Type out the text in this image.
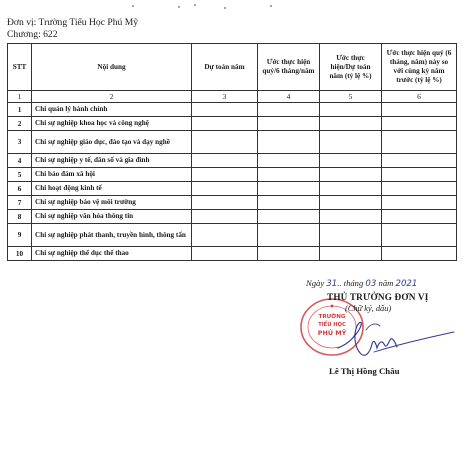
Đơn vị: Trường Tiểu Học Phú Mỹ
Chương: 622
STT	Nội dung	Dự toán năm	Ước thực hiện quý/6 tháng/năm	Ước thực hiện/Dự toán năm (tỷ lệ %)	Ước thực hiện quý (6 tháng, năm) này so với cùng kỳ năm trước (tỷ lệ %)
1	2	3	4	5	6
1	Chi quản lý hành chính				
2	Chi sự nghiệp khoa học và công nghệ				
3	Chi sự nghiệp giáo dục, đào tạo và dạy nghề				
4	Chi sự nghiệp y tế, dân số và gia đình				
5	Chi bảo đảm xã hội				
6	Chi hoạt động kinh tế				
7	Chi sự nghiệp bảo vệ môi trường				
8	Chi sự nghiệp văn hóa thông tin				
9	Chi sự nghiệp phát thanh, truyền hình, thông tấn				
10	Chi sự nghiệp thể dục thể thao				
Ngày 31.. tháng 03 năm 2021
TRƯỜNG
TIỂU HỌC
PHÚ MỸ
THỦ TRƯỞNG ĐƠN VỊ
(Chữ ký, dấu)
Lê Thị Hồng Châu
